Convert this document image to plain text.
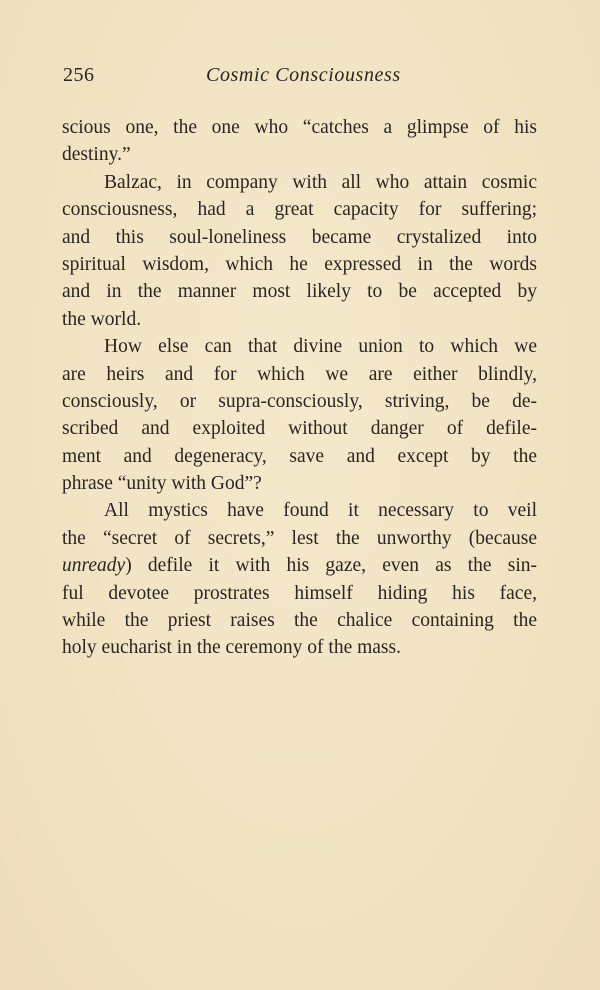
256	Cosmic Consciousness
scious one, the one who “catches a glimpse of his
destiny.”
Balzac, in company with all who attain cosmic
consciousness, had a great capacity for suffering;
and this soul-loneliness became crystalized into
spiritual wisdom, which he expressed in the words
and in the manner most likely to be accepted by
the world.
How else can that divine union to which we
are heirs and for which we are either blindly,
consciously, or supra-consciously, striving, be de-
scribed and exploited without danger of defile-
ment and degeneracy, save and except by the
phrase “unity with God”?
All mystics have found it necessary to veil
the “secret of secrets,” lest the unworthy (because
unready) defile it with his gaze, even as the sin-
ful devotee prostrates himself hiding his face,
while the priest raises the chalice containing the
holy eucharist in the ceremony of the mass.
